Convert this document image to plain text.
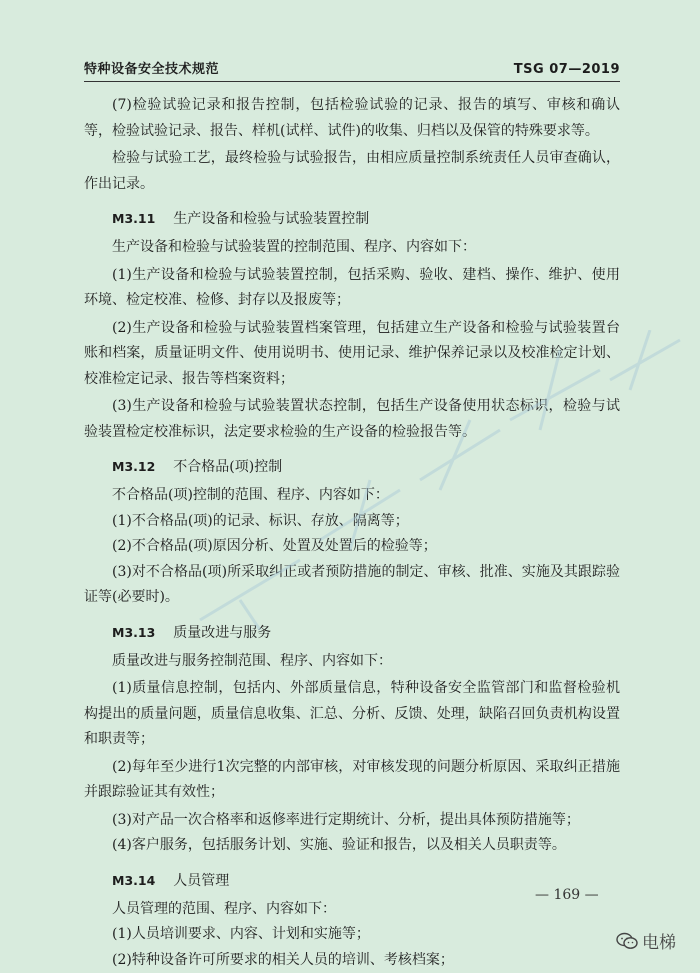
特种设备安全技术规范	TSG 07—2019

(7)检验试验记录和报告控制，包括检验试验的记录、报告的填写、审核和确认等，检验试验记录、报告、样机(试样、试件)的收集、归档以及保管的特殊要求等。

检验与试验工艺，最终检验与试验报告，由相应质量控制系统责任人员审查确认，作出记录。

M3.11 生产设备和检验与试验装置控制

生产设备和检验与试验装置的控制范围、程序、内容如下：

(1)生产设备和检验与试验装置控制，包括采购、验收、建档、操作、维护、使用环境、检定校准、检修、封存以及报废等；

(2)生产设备和检验与试验装置档案管理，包括建立生产设备和检验与试验装置台账和档案，质量证明文件、使用说明书、使用记录、维护保养记录以及校准检定计划、校准检定记录、报告等档案资料；

(3)生产设备和检验与试验装置状态控制，包括生产设备使用状态标识，检验与试验装置检定校准标识，法定要求检验的生产设备的检验报告等。

M3.12 不合格品(项)控制

不合格品(项)控制的范围、程序、内容如下：

(1)不合格品(项)的记录、标识、存放、隔离等；

(2)不合格品(项)原因分析、处置及处置后的检验等；

(3)对不合格品(项)所采取纠正或者预防措施的制定、审核、批准、实施及其跟踪验证等(必要时)。

M3.13 质量改进与服务

质量改进与服务控制范围、程序、内容如下：

(1)质量信息控制，包括内、外部质量信息，特种设备安全监管部门和监督检验机构提出的质量问题，质量信息收集、汇总、分析、反馈、处理，缺陷召回负责机构设置和职责等；

(2)每年至少进行1次完整的内部审核，对审核发现的问题分析原因、采取纠正措施并跟踪验证其有效性；

(3)对产品一次合格率和返修率进行定期统计、分析，提出具体预防措施等；

(4)客户服务，包括服务计划、实施、验证和报告，以及相关人员职责等。

M3.14 人员管理

人员管理的范围、程序、内容如下：

(1)人员培训要求、内容、计划和实施等；

(2)特种设备许可所要求的相关人员的培训、考核档案；

— 169 —
电梯
